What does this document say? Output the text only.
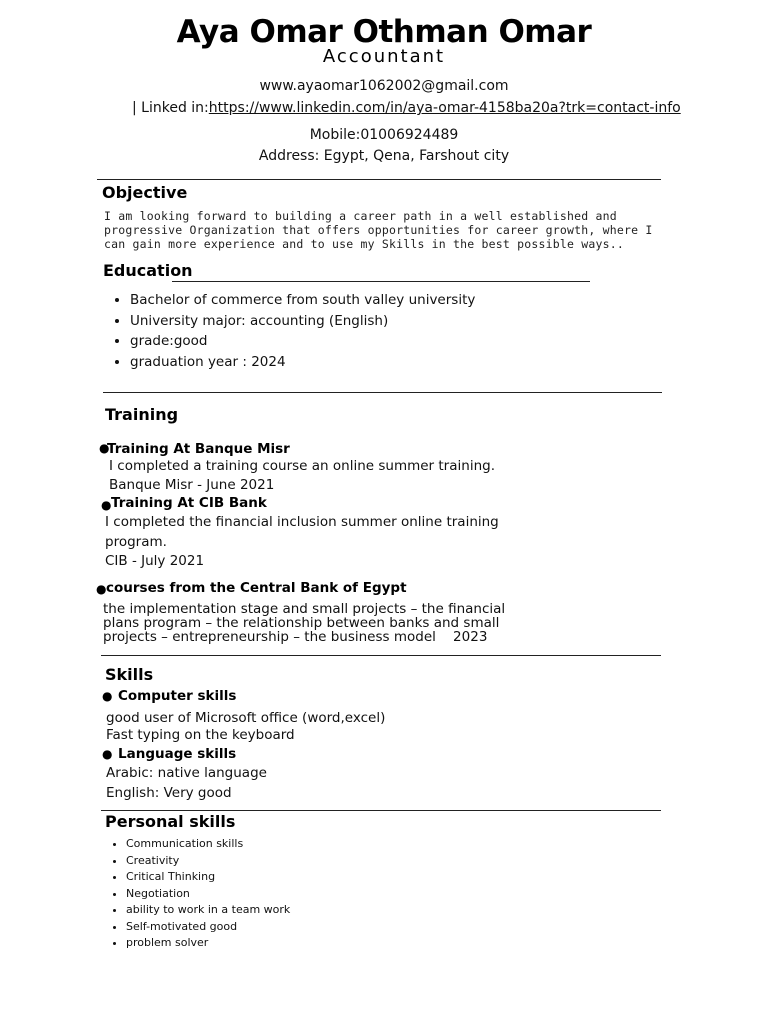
Aya Omar Othman Omar
Accountant
www.ayaomar1062002@gmail.com
| Linked in:https://www.linkedin.com/in/aya-omar-4158ba20a?trk=contact-info
Mobile:01006924489
Address: Egypt, Qena, Farshout city
Objective
I am looking forward to building a career path in a well established and progressive Organization that offers opportunities for career growth, where I can gain more experience and to use my Skills in the best possible ways..
Education
• Bachelor of commerce from south valley university
• University major: accounting (English)
• grade:good
• graduation year : 2024
Training
●
Training At Banque Misr
I completed a training course an online summer training.
Banque Misr - June 2021
● Training At CIB Bank
I completed the financial inclusion summer online training
program.
CIB - July 2021
● courses from the Central Bank of Egypt
the implementation stage and small projects – the financial
plans program – the relationship between banks and small
projects – entrepreneurship – the business model    2023
Skills
● Computer skills
good user of Microsoft office (word,excel)
Fast typing on the keyboard
● Language skills
Arabic: native language
English: Very good
Personal skills
• Communication skills
• Creativity
• Critical Thinking
• Negotiation
• ability to work in a team work
• Self-motivated good
• problem solver
